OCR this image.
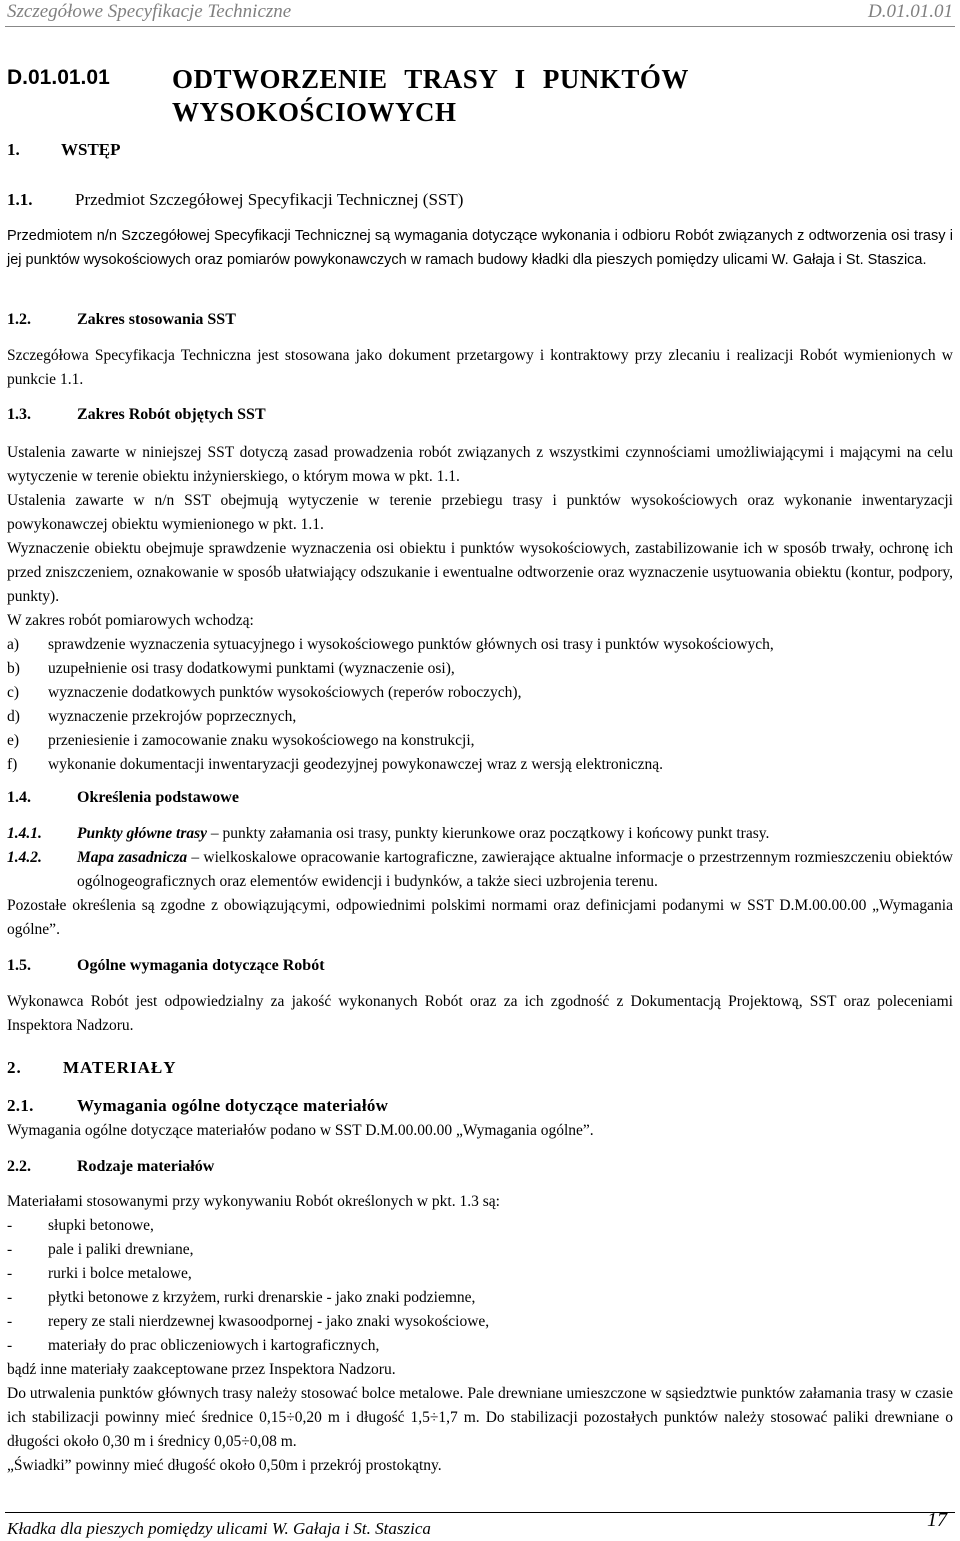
Szczegółowe Specyfikacje Techniczne	D.01.01.01
D.01.01.01 ODTWORZENIE TRASY I PUNKTÓW
WYSOKOŚCIOWYCH
1. WSTĘP
1.1.	Przedmiot Szczegółowej Specyfikacji Technicznej (SST)
Przedmiotem n/n Szczegółowej Specyfikacji Technicznej są wymagania dotyczące wykonania i odbioru Robót związanych z odtworzenia osi trasy i jej punktów wysokościowych oraz pomiarów powykonawczych w ramach budowy kładki dla pieszych pomiędzy ulicami W. Gałaja i St. Staszica.
1.2.	Zakres stosowania SST
Szczegółowa Specyfikacja Techniczna jest stosowana jako dokument przetargowy i kontraktowy przy zlecaniu i realizacji Robót wymienionych w punkcie 1.1.
1.3.	Zakres Robót objętych SST
Ustalenia zawarte w niniejszej SST dotyczą zasad prowadzenia robót związanych z wszystkimi czynnościami umożliwiającymi i mającymi na celu wytyczenie w terenie obiektu inżynierskiego, o którym mowa w pkt. 1.1.
Ustalenia zawarte w n/n SST obejmują wytyczenie w terenie przebiegu trasy i punktów wysokościowych oraz wykonanie inwentaryzacji powykonawczej obiektu wymienionego w pkt. 1.1.
Wyznaczenie obiektu obejmuje sprawdzenie wyznaczenia osi obiektu i punktów wysokościowych, zastabilizowanie ich w sposób trwały, ochronę ich przed zniszczeniem, oznakowanie w sposób ułatwiający odszukanie i ewentualne odtworzenie oraz wyznaczenie usytuowania obiektu (kontur, podpory, punkty).
W zakres robót pomiarowych wchodzą:
a)	sprawdzenie wyznaczenia sytuacyjnego i wysokościowego punktów głównych osi trasy i punktów wysokościowych,
b)	uzupełnienie osi trasy dodatkowymi punktami (wyznaczenie osi),
c)	wyznaczenie dodatkowych punktów wysokościowych (reperów roboczych),
d)	wyznaczenie przekrojów poprzecznych,
e)	przeniesienie i zamocowanie znaku wysokościowego na konstrukcji,
f)	wykonanie dokumentacji inwentaryzacji geodezyjnej powykonawczej wraz z wersją elektroniczną.
1.4.	Określenia podstawowe
1.4.1.	Punkty główne trasy – punkty załamania osi trasy, punkty kierunkowe oraz początkowy i końcowy punkt trasy.
1.4.2.	Mapa zasadnicza – wielkoskalowe opracowanie kartograficzne, zawierające aktualne informacje o przestrzennym rozmieszczeniu obiektów ogólnogeograficznych oraz elementów ewidencji i budynków, a także sieci uzbrojenia terenu.
Pozostałe określenia są zgodne z obowiązującymi, odpowiednimi polskimi normami oraz definicjami podanymi w SST D.M.00.00.00 „Wymagania ogólne”.
1.5.	Ogólne wymagania dotyczące Robót
Wykonawca Robót jest odpowiedzialny za jakość wykonanych Robót oraz za ich zgodność z Dokumentacją Projektową, SST oraz poleceniami Inspektora Nadzoru.
2. MATERIAŁY
2.1.	Wymagania ogólne dotyczące materiałów
Wymagania ogólne dotyczące materiałów podano w SST D.M.00.00.00 „Wymagania ogólne”.
2.2.	Rodzaje materiałów
Materiałami stosowanymi przy wykonywaniu Robót określonych w pkt. 1.3 są:
-	słupki betonowe,
-	pale i paliki drewniane,
-	rurki i bolce metalowe,
-	płytki betonowe z krzyżem, rurki drenarskie - jako znaki podziemne,
-	repery ze stali nierdzewnej kwasoodpornej - jako znaki wysokościowe,
-	materiały do prac obliczeniowych i kartograficznych,
bądź inne materiały zaakceptowane przez Inspektora Nadzoru.
Do utrwalenia punktów głównych trasy należy stosować bolce metalowe. Pale drewniane umieszczone w sąsiedztwie punktów załamania trasy w czasie ich stabilizacji powinny mieć średnice 0,15÷0,20 m i długość 1,5÷1,7 m. Do stabilizacji pozostałych punktów należy stosować paliki drewniane o długości około 0,30 m i średnicy 0,05÷0,08 m.
„Świadki” powinny mieć długość około 0,50m i przekrój prostokątny.
Kładka dla pieszych pomiędzy ulicami W. Gałaja i St. Staszica	17
